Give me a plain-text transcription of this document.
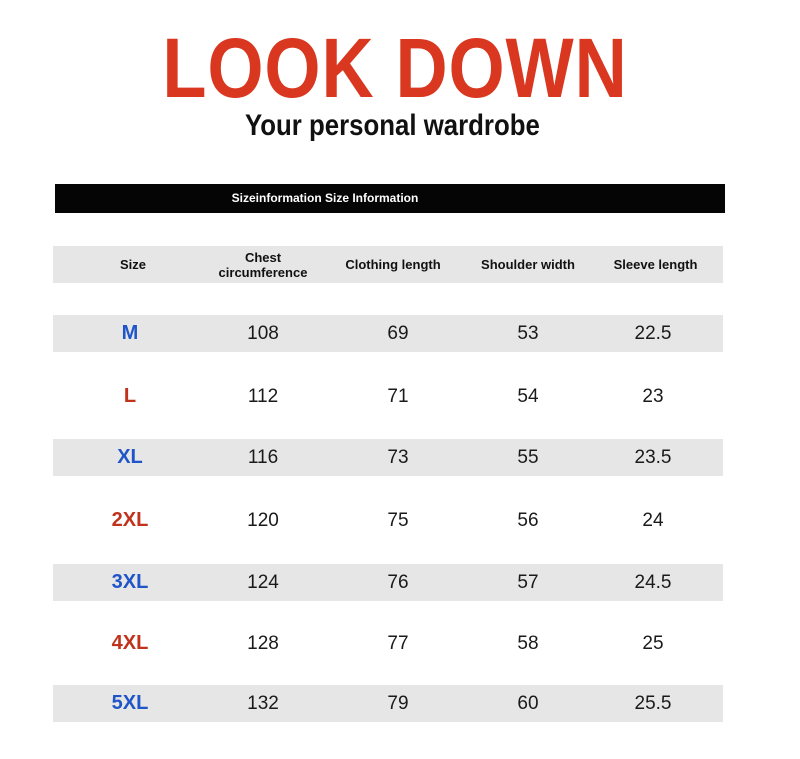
LOOK DOWN
Your personal wardrobe
Sizeinformation Size Information
Size	Chest circumference	Clothing length	Shoulder width	Sleeve length
M	108	69	53	22.5
L	112	71	54	23
XL	116	73	55	23.5
2XL	120	75	56	24
3XL	124	76	57	24.5
4XL	128	77	58	25
5XL	132	79	60	25.5
